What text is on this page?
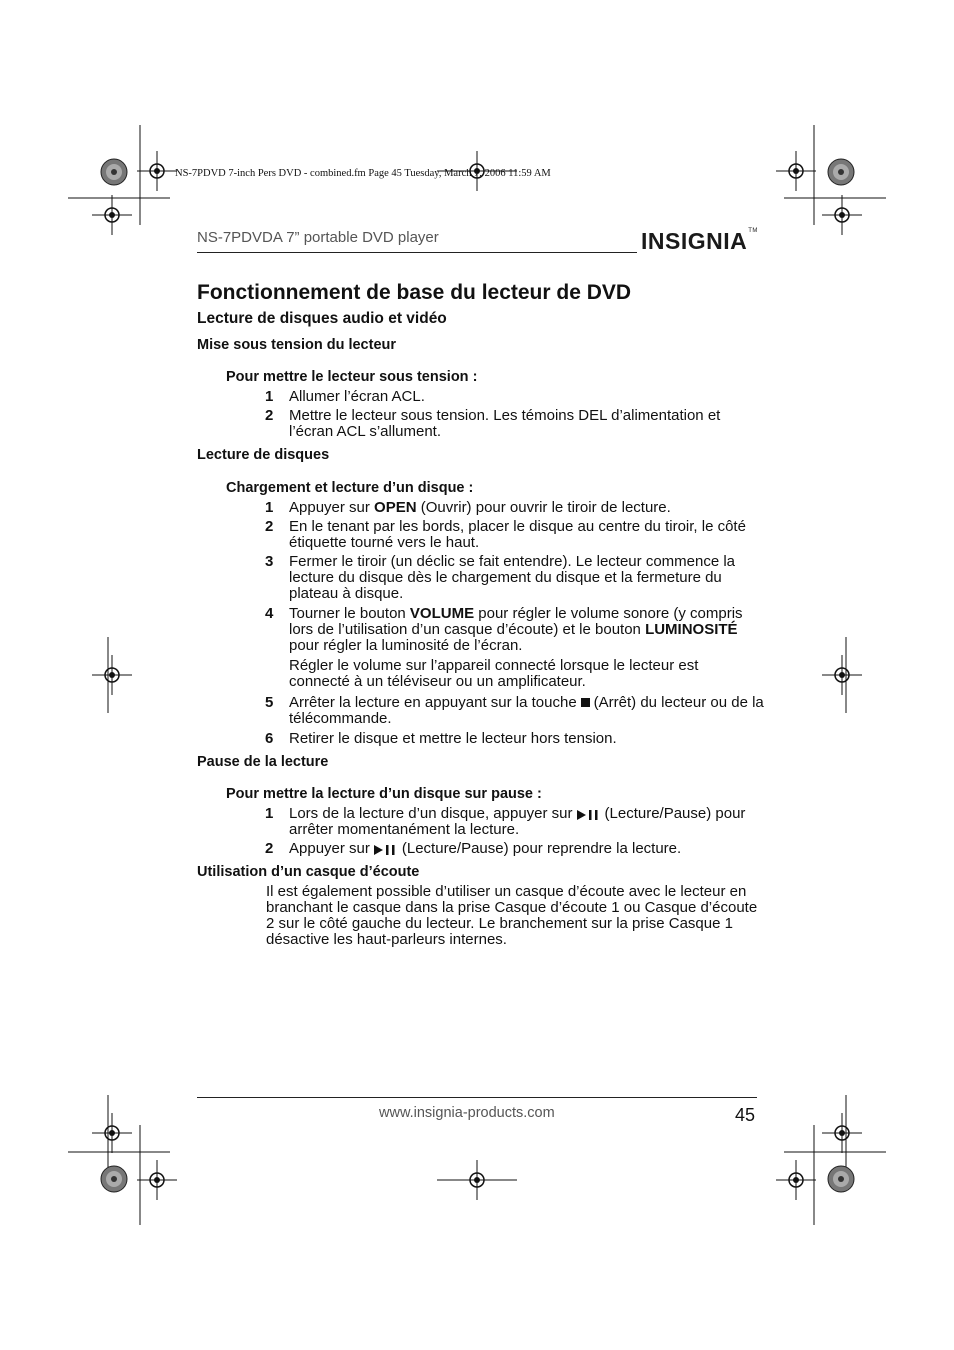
NS-7PDVD 7-inch Pers DVD - combined.fm Page 45 Tuesday, March 7, 2006 11:59 AM
NS-7PDVDA 7” portable DVD player	INSIGNIA™
Fonctionnement de base du lecteur de DVD
Lecture de disques audio et vidéo
Mise sous tension du lecteur
Pour mettre le lecteur sous tension :
1 Allumer l’écran ACL.
2 Mettre le lecteur sous tension. Les témoins DEL d’alimentation et l’écran ACL s’allument.
Lecture de disques
Chargement et lecture d’un disque :
1 Appuyer sur OPEN (Ouvrir) pour ouvrir le tiroir de lecture.
2 En le tenant par les bords, placer le disque au centre du tiroir, le côté étiquette tourné vers le haut.
3 Fermer le tiroir (un déclic se fait entendre). Le lecteur commence la lecture du disque dès le chargement du disque et la fermeture du plateau à disque.
4 Tourner le bouton VOLUME pour régler le volume sonore (y compris lors de l’utilisation d’un casque d’écoute) et le bouton LUMINOSITÉ pour régler la luminosité de l’écran.
Régler le volume sur l’appareil connecté lorsque le lecteur est connecté à un téléviseur ou un amplificateur.
5 Arrêter la lecture en appuyant sur la touche (Arrêt) du lecteur ou de la télécommande.
6 Retirer le disque et mettre le lecteur hors tension.
Pause de la lecture
Pour mettre la lecture d’un disque sur pause :
1 Lors de la lecture d’un disque, appuyer sur (Lecture/Pause) pour arrêter momentanément la lecture.
2 Appuyer sur (Lecture/Pause) pour reprendre la lecture.
Utilisation d’un casque d’écoute
Il est également possible d’utiliser un casque d’écoute avec le lecteur en branchant le casque dans la prise Casque d’écoute 1 ou Casque d’écoute 2 sur le côté gauche du lecteur. Le branchement sur la prise Casque 1 désactive les haut-parleurs internes.
www.insignia-products.com	45
